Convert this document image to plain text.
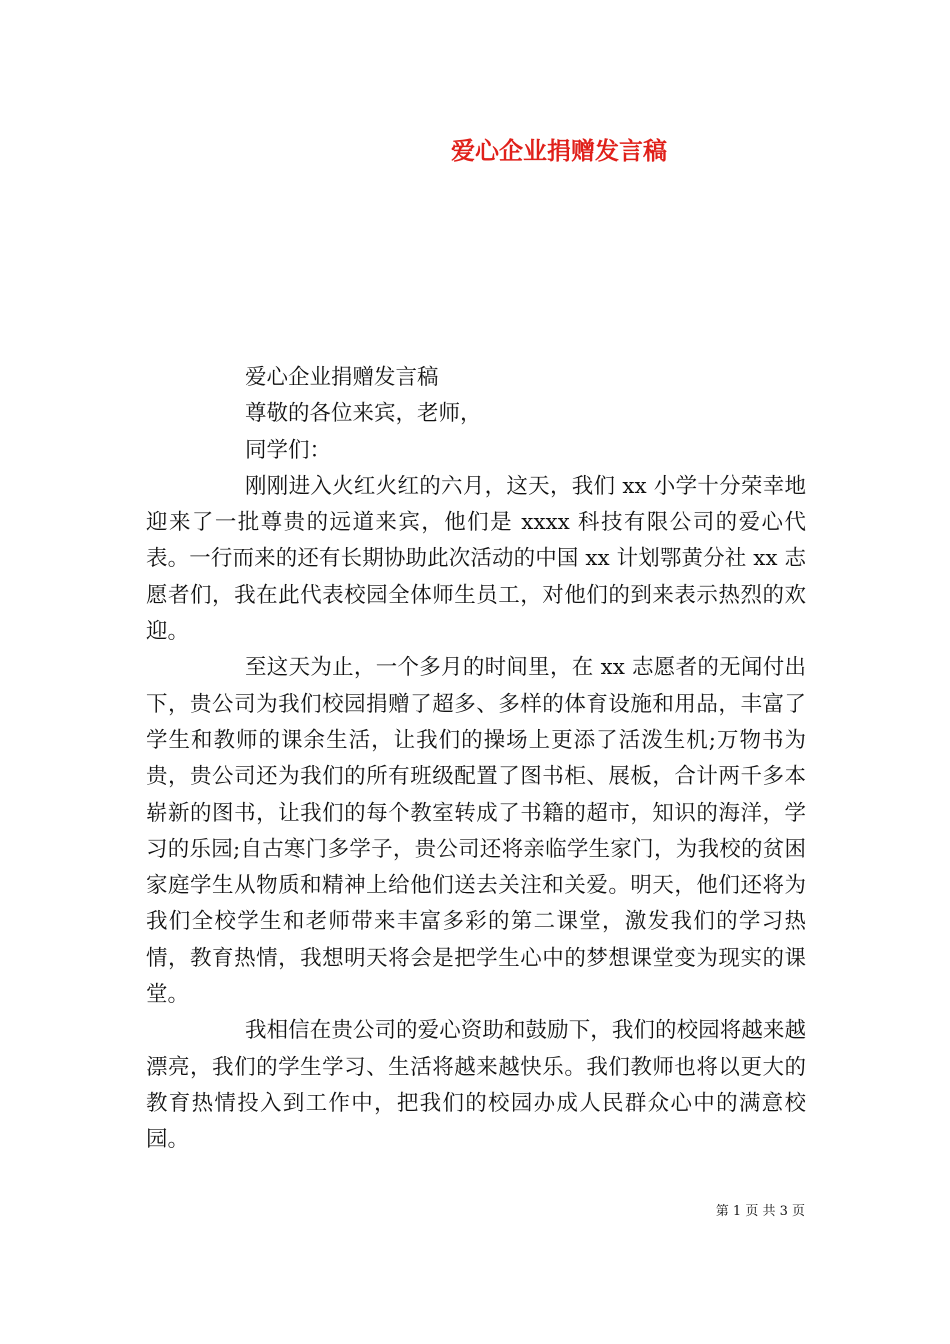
爱心企业捐赠发言稿

爱心企业捐赠发言稿

尊敬的各位来宾，老师，

同学们：

刚刚进入火红火红的六月，这天，我们 xx 小学十分荣幸地迎来了一批尊贵的远道来宾，他们是 xxxx 科技有限公司的爱心代表。一行而来的还有长期协助此次活动的中国 xx 计划鄂黄分社 xx 志愿者们，我在此代表校园全体师生员工，对他们的到来表示热烈的欢迎。

至这天为止，一个多月的时间里，在 xx 志愿者的无闻付出下，贵公司为我们校园捐赠了超多、多样的体育设施和用品，丰富了学生和教师的课余生活，让我们的操场上更添了活泼生机;万物书为贵，贵公司还为我们的所有班级配置了图书柜、展板，合计两千多本崭新的图书，让我们的每个教室转成了书籍的超市，知识的海洋，学习的乐园;自古寒门多学子，贵公司还将亲临学生家门，为我校的贫困家庭学生从物质和精神上给他们送去关注和关爱。明天，他们还将为我们全校学生和老师带来丰富多彩的第二课堂，激发我们的学习热情，教育热情，我想明天将会是把学生心中的梦想课堂变为现实的课堂。

我相信在贵公司的爱心资助和鼓励下，我们的校园将越来越漂亮，我们的学生学习、生活将越来越快乐。我们教师也将以更大的教育热情投入到工作中，把我们的校园办成人民群众心中的满意校园。

第 1 页 共 3 页
